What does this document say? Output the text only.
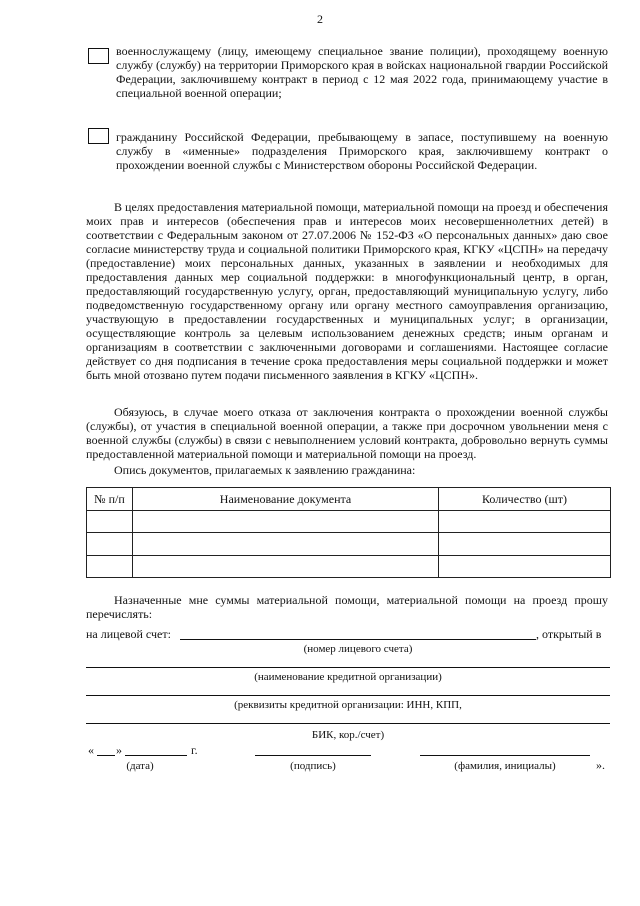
2
военнослужащему (лицу, имеющему специальное звание полиции), проходящему военную службу (службу) на территории Приморского края в войсках национальной гвардии Российской Федерации, заключившему контракт в период с 12 мая 2022 года, принимающему участие в специальной военной операции;
гражданину Российской Федерации, пребывающему в запасе, поступившему на военную службу в «именные» подразделения Приморского края, заключившему контракт о прохождении военной службы с Министерством обороны Российской Федерации.
В целях предоставления материальной помощи, материальной помощи на проезд и обеспечения моих прав и интересов (обеспечения прав и интересов моих несовершеннолетних детей) в соответствии с Федеральным законом от 27.07.2006 № 152-ФЗ «О персональных данных» даю свое согласие министерству труда и социальной политики Приморского края, КГКУ «ЦСПН» на передачу (предоставление) моих персональных данных, указанных в заявлении и необходимых для предоставления данных мер социальной поддержки: в многофункциональный центр, в орган, предоставляющий государственную услугу, орган, предоставляющий муниципальную услугу, либо подведомственную государственному органу или органу местного самоуправления организацию, участвующую в предоставлении государственных и муниципальных услуг; в организации, осуществляющие контроль за целевым использованием денежных средств; иным органам и организациям в соответствии с заключенными договорами и соглашениями. Настоящее согласие действует со дня подписания в течение срока предоставления меры социальной поддержки и может быть мной отозвано путем подачи письменного заявления в КГКУ «ЦСПН».
Обязуюсь, в случае моего отказа от заключения контракта о прохождении военной службы (службы), от участия в специальной военной операции, а также при досрочном увольнении меня с военной службы (службы) в связи с невыполнением условий контракта, добровольно вернуть суммы предоставленной материальной помощи и материальной помощи на проезд.
Опись документов, прилагаемых к заявлению гражданина:
№ п/п	Наименование документа	Количество (шт)

Назначенные мне суммы материальной помощи, материальной помощи на проезд прошу перечислять:
на лицевой счет:	, открытый в
(номер лицевого счета)
(наименование кредитной организации)
(реквизиты кредитной организации: ИНН, КПП,
БИК, кор./счет)
« »	г.
(дата)	(подпись)	(фамилия, инициалы)	».
